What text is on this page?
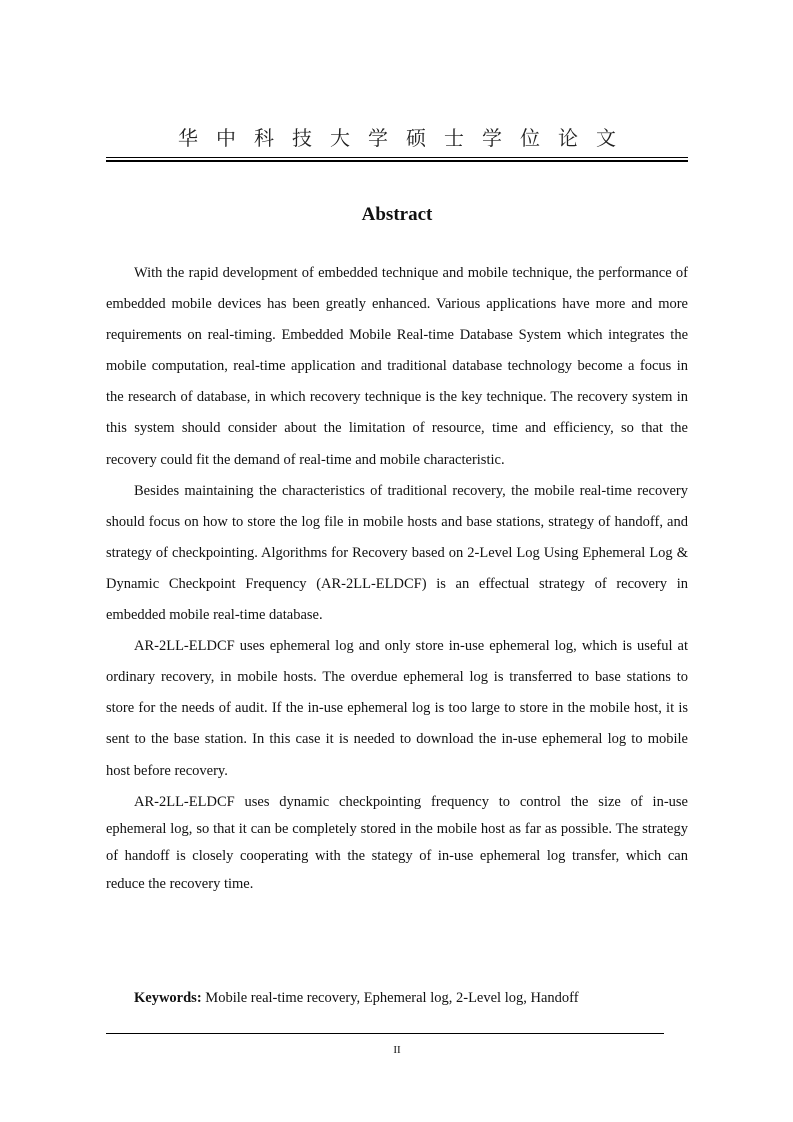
华中科技大学硕士学位论文
Abstract

With the rapid development of embedded technique and mobile technique, the performance of embedded mobile devices has been greatly enhanced. Various applications have more and more requirements on real-timing. Embedded Mobile Real-time Database System which integrates the mobile computation, real-time application and traditional database technology become a focus in the research of database, in which recovery technique is the key technique. The recovery system in this system should consider about the limitation of resource, time and efficiency, so that the recovery could fit the demand of real-time and mobile characteristic.

Besides maintaining the characteristics of traditional recovery, the mobile real-time recovery should focus on how to store the log file in mobile hosts and base stations, strategy of handoff, and strategy of checkpointing. Algorithms for Recovery based on 2-Level Log Using Ephemeral Log & Dynamic Checkpoint Frequency (AR-2LL-ELDCF) is an effectual strategy of recovery in embedded mobile real-time database.

AR-2LL-ELDCF uses ephemeral log and only store in-use ephemeral log, which is useful at ordinary recovery, in mobile hosts. The overdue ephemeral log is transferred to base stations to store for the needs of audit. If the in-use ephemeral log is too large to store in the mobile host, it is sent to the base station. In this case it is needed to download the in-use ephemeral log to mobile host before recovery.

AR-2LL-ELDCF uses dynamic checkpointing frequency to control the size of in-use ephemeral log, so that it can be completely stored in the mobile host as far as possible. The strategy of handoff is closely cooperating with the stategy of in-use ephemeral log transfer, which can reduce the recovery time.

Keywords: Mobile real-time recovery, Ephemeral log, 2-Level log, Handoff
II
